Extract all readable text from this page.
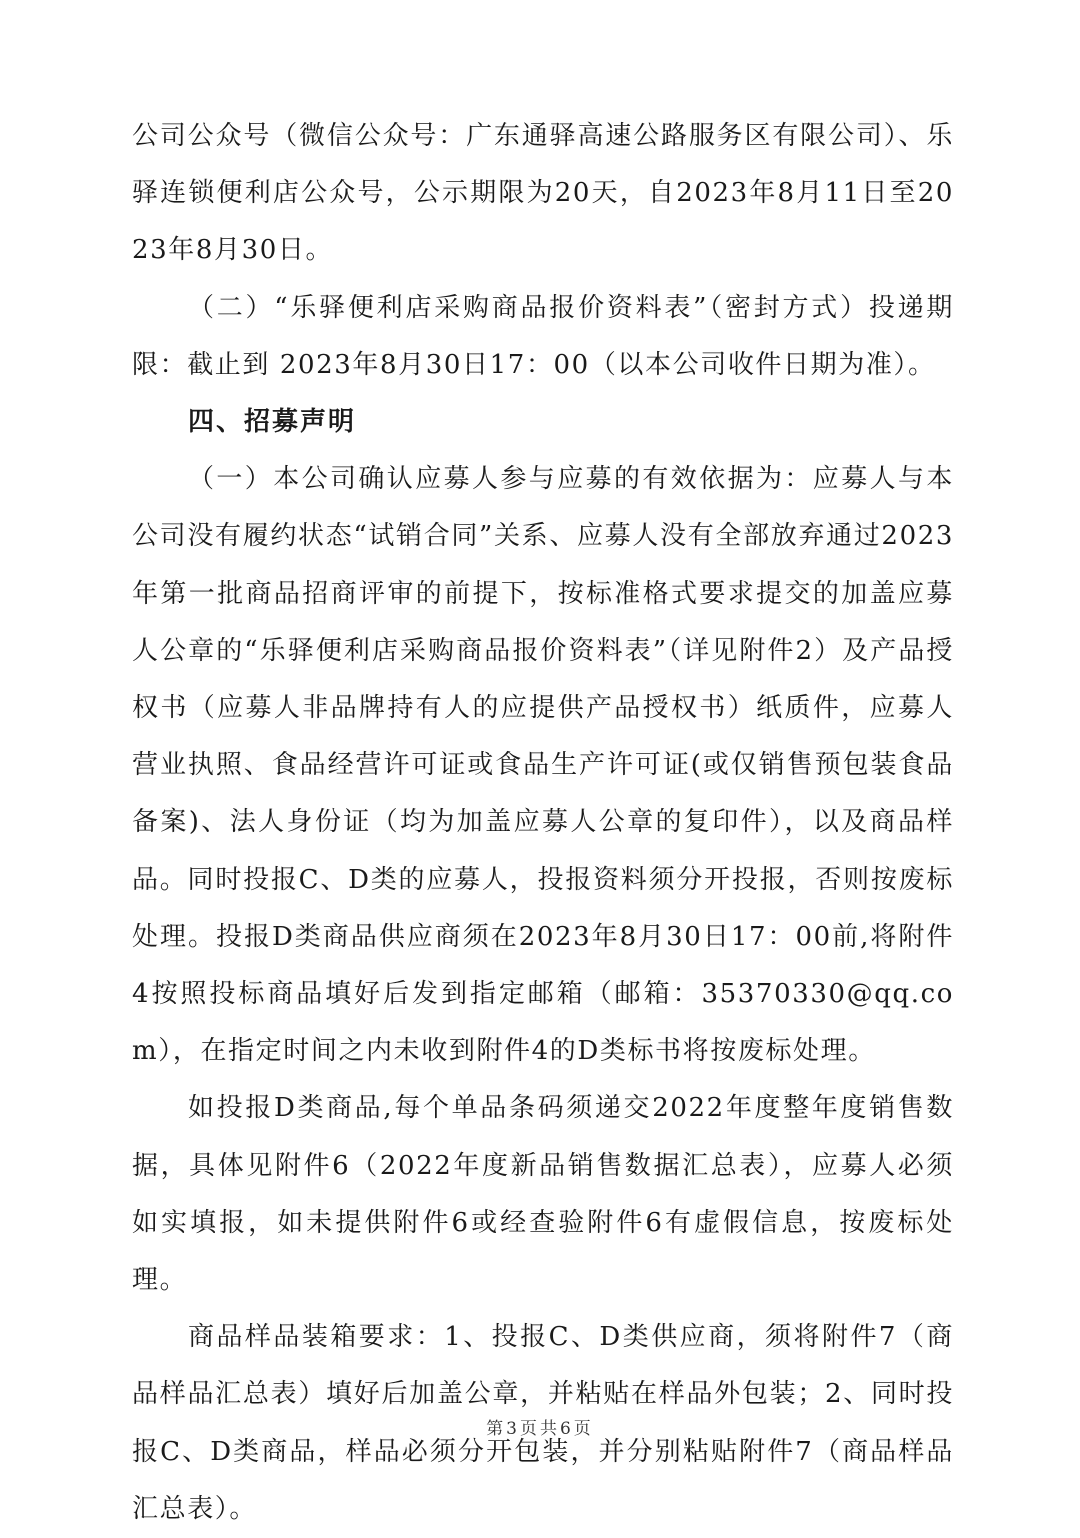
公司公众号（微信公众号：广东通驿高速公路服务区有限公司）、乐驿连锁便利店公众号，公示期限为20天，自2023年8月11日至2023年8月30日。

（二）“乐驿便利店采购商品报价资料表”（密封方式）投递期限：截止到 2023年8月30日17：00（以本公司收件日期为准）。

四、招募声明

（一）本公司确认应募人参与应募的有效依据为：应募人与本公司没有履约状态“试销合同”关系、应募人没有全部放弃通过2023年第一批商品招商评审的前提下，按标准格式要求提交的加盖应募人公章的“乐驿便利店采购商品报价资料表”（详见附件2）及产品授权书（应募人非品牌持有人的应提供产品授权书）纸质件，应募人营业执照、食品经营许可证或食品生产许可证(或仅销售预包装食品备案)、法人身份证（均为加盖应募人公章的复印件），以及商品样品。同时投报C、D类的应募人，投报资料须分开投报，否则按废标处理。投报D类商品供应商须在2023年8月30日17：00前,将附件4按照投标商品填好后发到指定邮箱（邮箱：35370330@qq.com），在指定时间之内未收到附件4的D类标书将按废标处理。

如投报D类商品,每个单品条码须递交2022年度整年度销售数据，具体见附件6（2022年度新品销售数据汇总表），应募人必须如实填报，如未提供附件6或经查验附件6有虚假信息，按废标处理。

商品样品装箱要求：1、投报C、D类供应商，须将附件7（商品样品汇总表）填好后加盖公章，并粘贴在样品外包装；2、同时投报C、D类商品，样品必须分开包装，并分别粘贴附件7（商品样品汇总表）。

第3页共6页
